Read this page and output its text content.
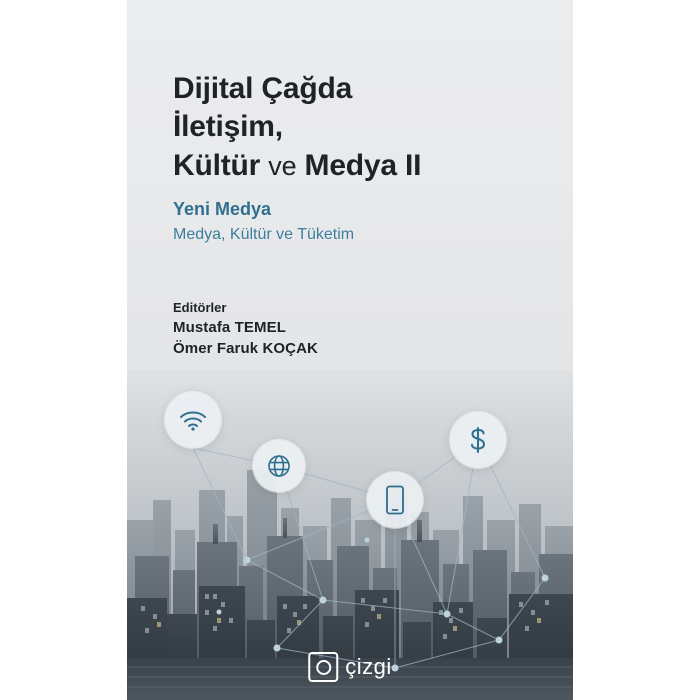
Dijital Çağda
İletişim,
Kültür ve Medya II

Yeni Medya

Medya, Kültür ve Tüketim

Editörler

Mustafa TEMEL

Ömer Faruk KOÇAK

çizgi
